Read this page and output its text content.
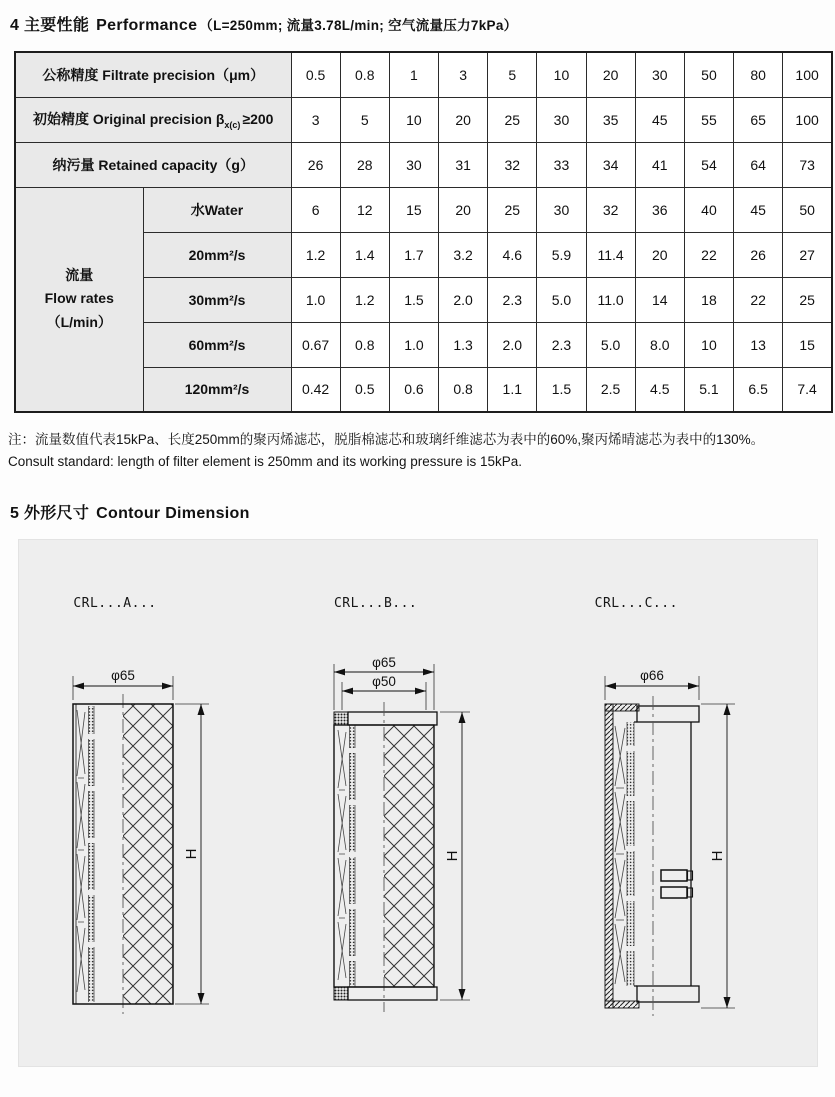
4 主要性能 Performance （L=250mm; 流量3.78L/min; 空气流量压力7kPa）
公称精度 Filtrate precision（μm）		0.5	0.8	1	3	5	10	20	30	50	80	100
初始精度 Original precision $\beta_{x(c)} \ge 200$		3	5	10	20	25	30	35	45	55	65	100
纳污量 Retained capacity（g）		26	28	30	31	32	33	34	41	54	64	73

流量
Flow rates（L/min）	水Water	6	12	15	20	25	30	32	36	40	45	50
	20mm²/s	1.2	1.4	1.7	3.2	4.6	5.9	11.4	20	22	26	27
	30mm²/s	1.0	1.2	1.5	2.0	2.3	5.0	11.0	14	18	22	25
	60mm²/s	0.67	0.8	1.0	1.3	2.0	2.3	5.0	8.0	10	13	15
	120mm²/s	0.42	0.5	0.6	0.8	1.1	1.5	2.5	4.5	5.1	6.5	7.4
注：流量数值代表15kPa、长度250mm的聚丙烯滤芯，脱脂棉滤芯和玻璃纤维滤芯为表中的60%,聚丙烯晴滤芯为表中的130%。
Consult standard: length of filter element is 250mm and its working pressure is 15kPa.
5 外形尺寸 Contour Dimension
CRL...A...
φ65
H
CRL...B...
φ65
φ50
H
CRL...C...
φ66
H
